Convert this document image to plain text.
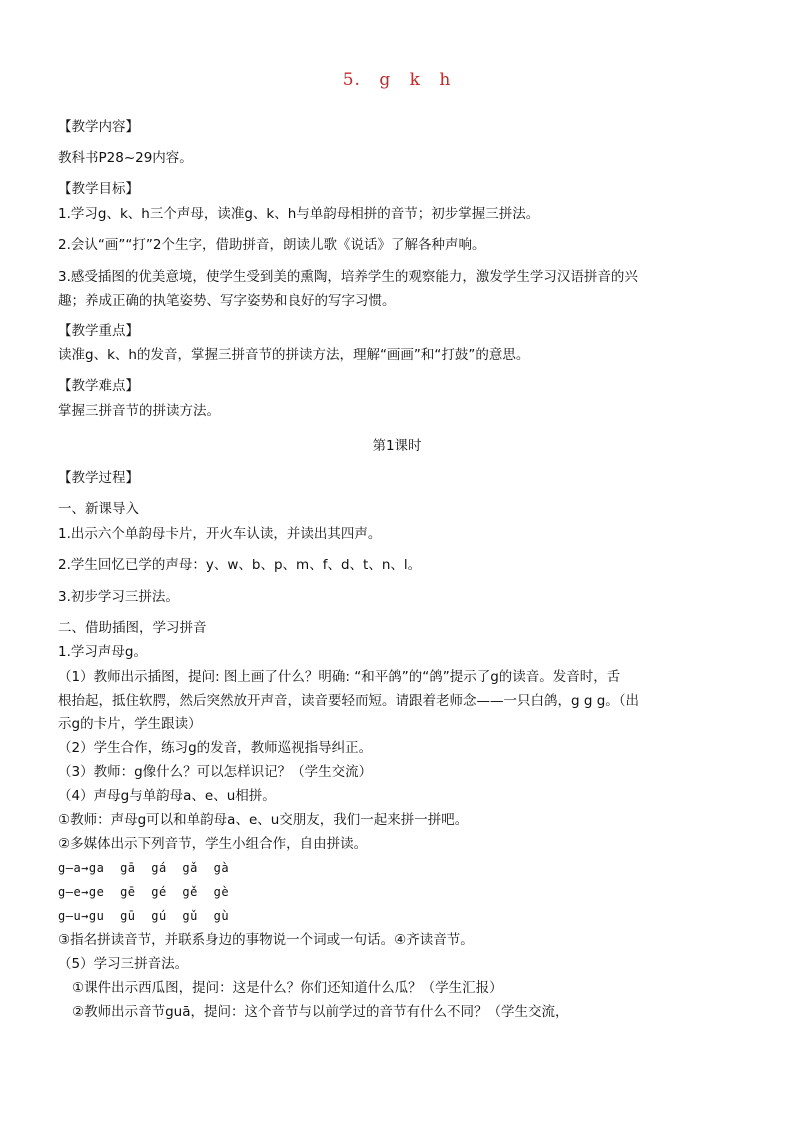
5. g k h
【教学内容】
教科书P28~29内容。
【教学目标】
1.学习g、k、h三个声母，读准g、k、h与单韵母相拼的音节；初步掌握三拼法。
2.会认“画”“打”2个生字，借助拼音，朗读儿歌《说话》了解各种声响。
3.感受插图的优美意境，使学生受到美的熏陶，培养学生的观察能力，激发学生学习汉语拼音的兴
趣；养成正确的执笔姿势、写字姿势和良好的写字习惯。
【教学重点】
读准g、k、h的发音，掌握三拼音节的拼读方法，理解“画画”和“打鼓”的意思。
【教学难点】
掌握三拼音节的拼读方法。
第1课时
【教学过程】
一、新课导入
1.出示六个单韵母卡片，开火车认读，并读出其四声。
2.学生回忆已学的声母：y、w、b、p、m、f、d、t、n、l。
3.初步学习三拼法。
二、借助插图，学习拼音
1.学习声母g。
（1）教师出示插图，提问: 图上画了什么？明确: “和平鸽”的“鸽”提示了g的读音。发音时，舌
根抬起，抵住软腭，然后突然放开声音，读音要轻而短。请跟着老师念——一只白鸽，g g g。（出
示g的卡片，学生跟读）
（2）学生合作，练习g的发音，教师巡视指导纠正。
（3）教师：g像什么？可以怎样识记？（学生交流）
（4）声母g与单韵母a、e、u相拼。
①教师：声母g可以和单韵母a、e、u交朋友，我们一起来拼一拼吧。
②多媒体出示下列音节，学生小组合作，自由拼读。
g—a→ga gā gá gǎ gà
g—e→ge gē gé gě gè
g—u→gu gū gú gǔ gù
③指名拼读音节，并联系身边的事物说一个词或一句话。④齐读音节。
（5）学习三拼音法。
①课件出示西瓜图，提问：这是什么？你们还知道什么瓜？（学生汇报）
②教师出示音节guā，提问：这个音节与以前学过的音节有什么不同？（学生交流，
